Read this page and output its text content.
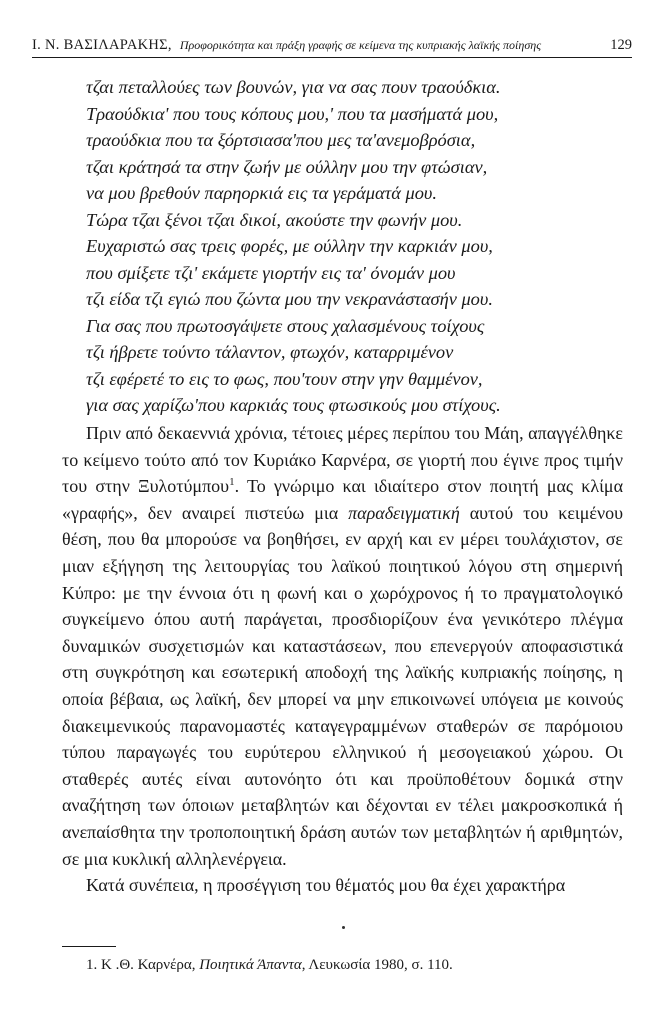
Ι. Ν. ΒΑΣΙΛΑΡΑΚΗΣ, Προφορικότητα και πράξη γραφής σε κείμενα της κυπριακής λαϊκής ποίησης	129
τζαι πεταλλούες των βουνών, για να σας πουν τραούδκια.
Τραούδκια' που τους κόπους μου,' που τα μασήματά μου,
τραούδκια που τα ξόρτσιασα'που μες τα'ανεμοβρόσια,
τζαι κράτησά τα στην ζωήν με ούλλην μου την φτώσιαν,
να μου βρεθούν παρηορκιά εις τα γεράματά μου.
Τώρα τζαι ξένοι τζαι δικοί, ακούστε την φωνήν μου.
Ευχαριστώ σας τρεις φορές, με ούλλην την καρκιάν μου,
που σμίξετε τζι' εκάμετε γιορτήν εις τα' όνομάν μου
τζι είδα τζι εγιώ που ζώντα μου την νεκρανάστασήν μου.
Για σας που πρωτοσγάψετε στους χαλασμένους τοίχους
τζι ήβρετε τούντο τάλαντον, φτωχόν, καταρριμένον
τζι εφέρετέ το εις το φως, που'τουν στην γην θαμμένον,
για σας χαρίζω'που καρκιάς τους φτωσικούς μου στίχους.

Πριν από δεκαεννιά χρόνια, τέτοιες μέρες περίπου του Μάη, απαγγέλθηκε το κείμενο τούτο από τον Κυριάκο Καρνέρα, σε γιορτή που έγινε προς τιμήν του στην Ξυλοτύμπου$^1$. Το γνώριμο και ιδιαίτερο στον ποιητή μας κλίμα «γραφής», δεν αναιρεί πιστεύω μια παραδειγματική αυτού του κειμένου θέση, που θα μπορούσε να βοηθήσει, εν αρχή και εν μέρει τουλάχιστον, σε μιαν εξήγηση της λειτουργίας του λαϊκού ποιητικού λόγου στη σημερινή Κύπρο: με την έννοια ότι η φωνή και ο χωρόχρονος ή το πραγματολογικό συγκείμενο όπου αυτή παράγεται, προσδιορίζουν ένα γενικότερο πλέγμα δυναμικών συσχετισμών και καταστάσεων, που επενεργούν αποφασιστικά στη συγκρότηση και εσωτερική αποδοχή της λαϊκής κυπριακής ποίησης, η οποία βέβαια, ως λαϊκή, δεν μπορεί να μην επικοινωνεί υπόγεια με κοινούς διακειμενικούς παρανομαστές καταγεγραμμένων σταθερών σε παρόμοιου τύπου παραγωγές του ευρύτερου ελληνικού ή μεσογειακού χώρου. Οι σταθερές αυτές είναι αυτονόητο ότι και προϋποθέτουν δομικά στην αναζήτηση των όποιων μεταβλητών και δέχονται εν τέλει μακροσκοπικά ή ανεπαίσθητα την τροποποιητική δράση αυτών των μεταβλητών ή αριθμητών, σε μια κυκλική αλληλενέργεια.

Κατά συνέπεια, η προσέγγιση του θέματός μου θα έχει χαρακτήρα

1. Κ .Θ. Καρνέρα, Ποιητικά Άπαντα, Λευκωσία 1980, σ. 110.
